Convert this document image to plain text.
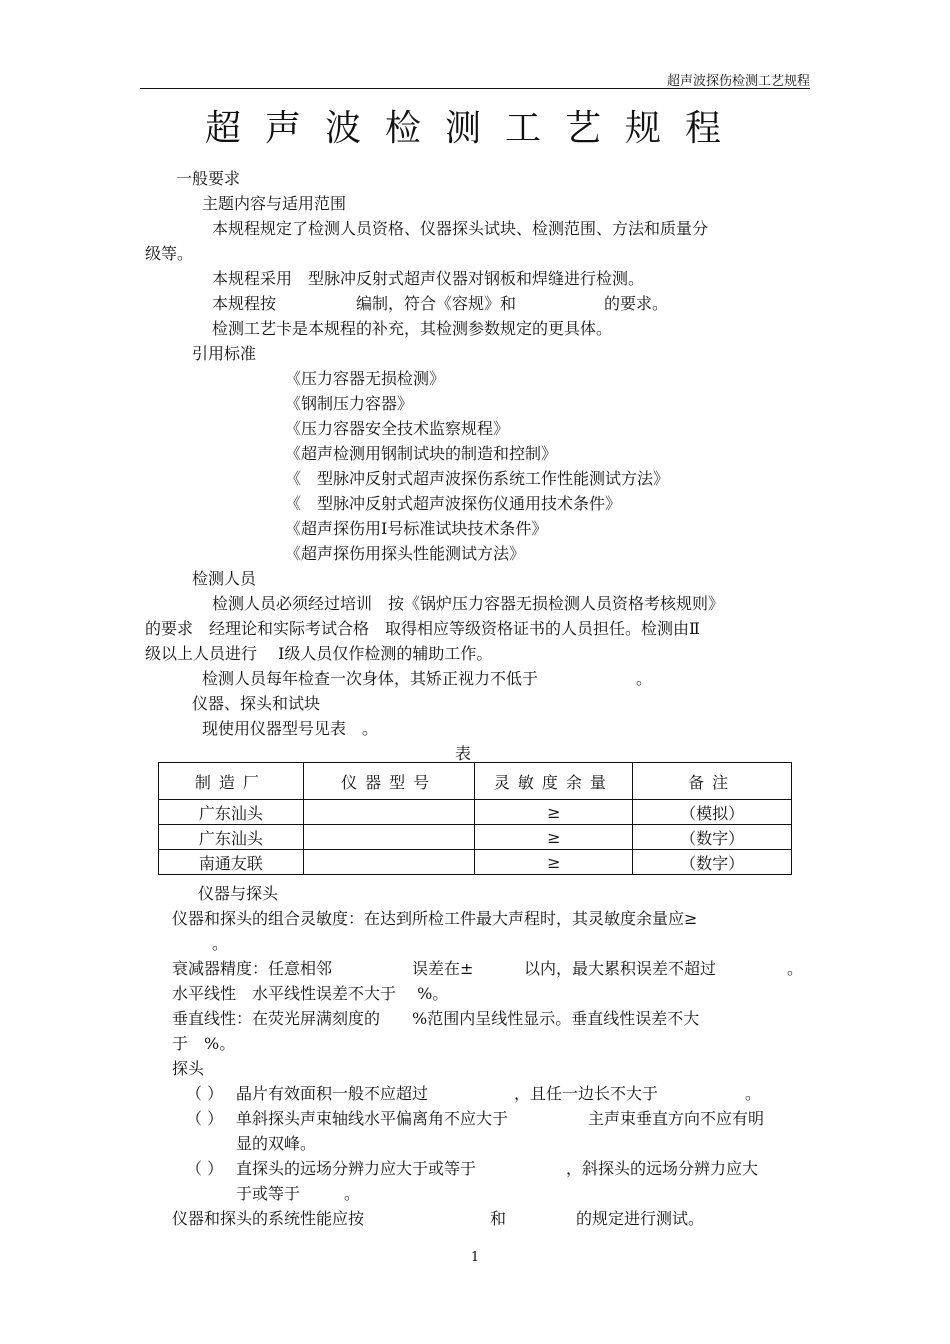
超声波探伤检测工艺规程
超声波检测工艺规程
一般要求
主题内容与适用范围
本规程规定了检测人员资格、仪器探头试块、检测范围、方法和质量分
级等。
本规程采用　型脉冲反射式超声仪器对钢板和焊缝进行检测。
本规程按	编制，符合《容规》和	的要求。
检测工艺卡是本规程的补充，其检测参数规定的更具体。
引用标准
《压力容器无损检测》
《钢制压力容器》
《压力容器安全技术监察规程》
《超声检测用钢制试块的制造和控制》
《　型脉冲反射式超声波探伤系统工作性能测试方法》
《　型脉冲反射式超声波探伤仪通用技术条件》
《超声探伤用Ⅰ号标准试块技术条件》
《超声探伤用探头性能测试方法》
检测人员
检测人员必须经过培训　按《锅炉压力容器无损检测人员资格考核规则》
的要求　经理论和实际考试合格　取得相应等级资格证书的人员担任。检测由Ⅱ
级以上人员进行　 Ⅰ级人员仅作检测的辅助工作。
检测人员每年检查一次身体，其矫正视力不低于	。
仪器、探头和试块
现使用仪器型号见表　。
表
制造厂	仪器型号	灵敏度余量	备注
广东汕头		≥	（模拟）
广东汕头		≥	（数字）
南通友联		≥	（数字）
仪器与探头
仪器和探头的组合灵敏度：在达到所检工件最大声程时，其灵敏度余量应≥
。
衰减器精度：任意相邻	误差在±	以内，最大累积误差不超过	。
水平线性　水平线性误差不大于　 %。
垂直线性：在荧光屏满刻度的　　%范围内呈线性显示。垂直线性误差不大
于　%。
探头
（ ） 晶片有效面积一般不应超过	，且任一边长不大于	。
（ ） 单斜探头声束轴线水平偏离角不应大于	主声束垂直方向不应有明
显的双峰。
（ ） 直探头的远场分辨力应大于或等于	，斜探头的远场分辨力应大
于或等于	。
仪器和探头的系统性能应按	和	的规定进行测试。
1
